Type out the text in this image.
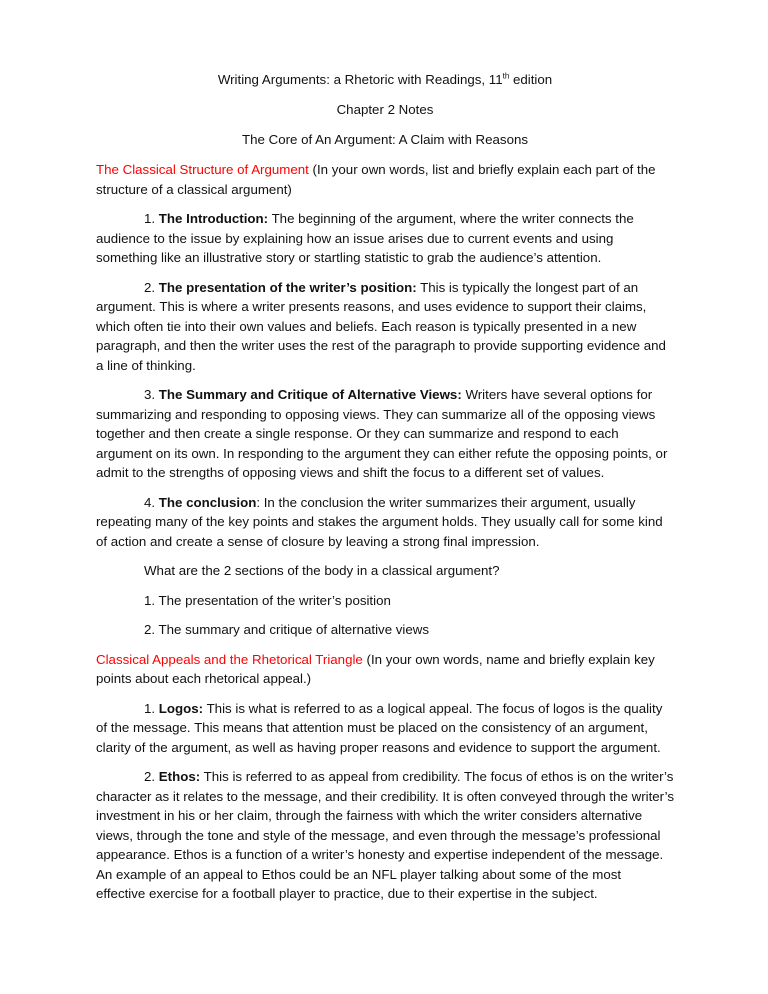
Writing Arguments: a Rhetoric with Readings, 11th edition

Chapter 2 Notes

The Core of An Argument: A Claim with Reasons

The Classical Structure of Argument (In your own words, list and briefly explain each part of the structure of a classical argument)

1. The Introduction: The beginning of the argument, where the writer connects the audience to the issue by explaining how an issue arises due to current events and using something like an illustrative story or startling statistic to grab the audience’s attention.

2. The presentation of the writer’s position: This is typically the longest part of an argument. This is where a writer presents reasons, and uses evidence to support their claims, which often tie into their own values and beliefs. Each reason is typically presented in a new paragraph, and then the writer uses the rest of the paragraph to provide supporting evidence and a line of thinking.

3. The Summary and Critique of Alternative Views: Writers have several options for summarizing and responding to opposing views. They can summarize all of the opposing views together and then create a single response. Or they can summarize and respond to each argument on its own. In responding to the argument they can either refute the opposing points, or admit to the strengths of opposing views and shift the focus to a different set of values.

4. The conclusion: In the conclusion the writer summarizes their argument, usually repeating many of the key points and stakes the argument holds. They usually call for some kind of action and create a sense of closure by leaving a strong final impression.

What are the 2 sections of the body in a classical argument?

1. The presentation of the writer’s position

2. The summary and critique of alternative views

Classical Appeals and the Rhetorical Triangle (In your own words, name and briefly explain key points about each rhetorical appeal.)

1. Logos: This is what is referred to as a logical appeal. The focus of logos is the quality of the message. This means that attention must be placed on the consistency of an argument, clarity of the argument, as well as having proper reasons and evidence to support the argument.

2. Ethos: This is referred to as appeal from credibility. The focus of ethos is on the writer’s character as it relates to the message, and their credibility. It is often conveyed through the writer’s investment in his or her claim, through the fairness with which the writer considers alternative views, through the tone and style of the message, and even through the message’s professional appearance. Ethos is a function of a writer’s honesty and expertise independent of the message. An example of an appeal to Ethos could be an NFL player talking about some of the most effective exercise for a football player to practice, due to their expertise in the subject.
